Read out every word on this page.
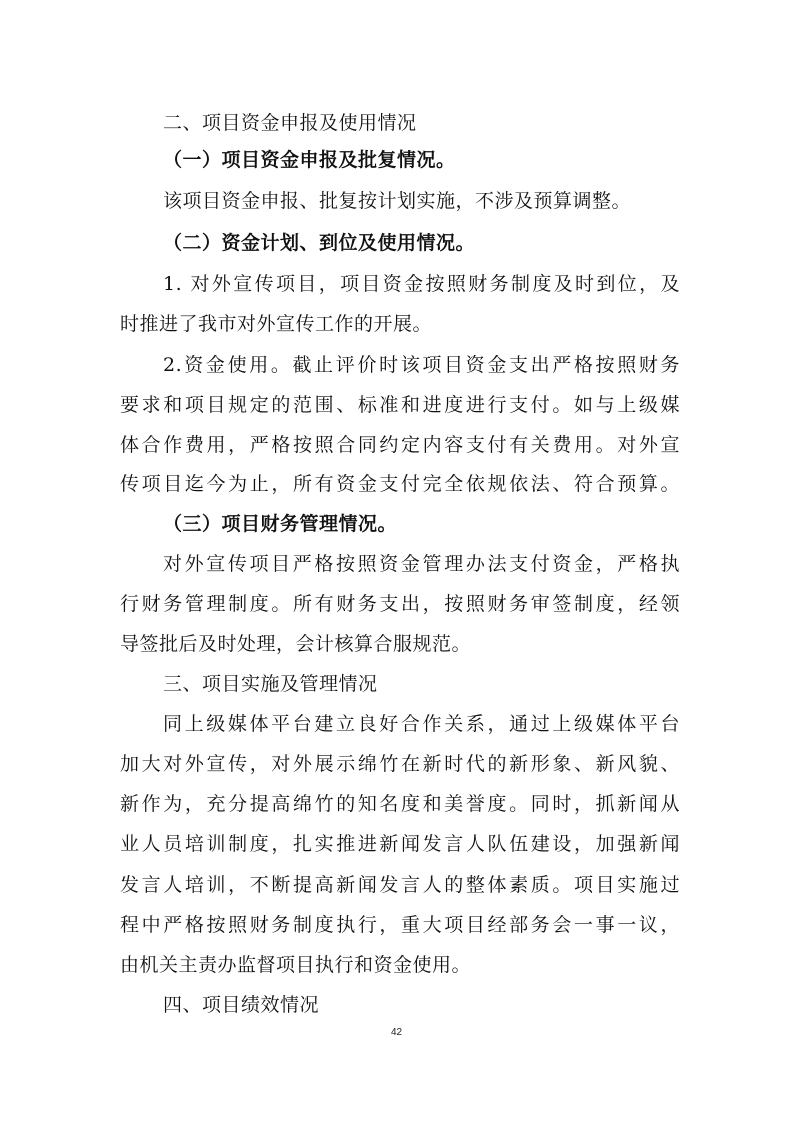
二、项目资金申报及使用情况
（一）项目资金申报及批复情况。
该项目资金申报、批复按计划实施，不涉及预算调整。
（二）资金计划、到位及使用情况。
1. 对外宣传项目，项目资金按照财务制度及时到位，及
时推进了我市对外宣传工作的开展。
2.资金使用。截止评价时该项目资金支出严格按照财务
要求和项目规定的范围、标准和进度进行支付。如与上级媒
体合作费用，严格按照合同约定内容支付有关费用。对外宣
传项目迄今为止，所有资金支付完全依规依法、符合预算。
（三）项目财务管理情况。
对外宣传项目严格按照资金管理办法支付资金，严格执
行财务管理制度。所有财务支出，按照财务审签制度，经领
导签批后及时处理，会计核算合服规范。
三、项目实施及管理情况
同上级媒体平台建立良好合作关系，通过上级媒体平台
加大对外宣传，对外展示绵竹在新时代的新形象、新风貌、
新作为，充分提高绵竹的知名度和美誉度。同时，抓新闻从
业人员培训制度，扎实推进新闻发言人队伍建设，加强新闻
发言人培训，不断提高新闻发言人的整体素质。项目实施过
程中严格按照财务制度执行，重大项目经部务会一事一议，
由机关主责办监督项目执行和资金使用。
四、项目绩效情况
42
